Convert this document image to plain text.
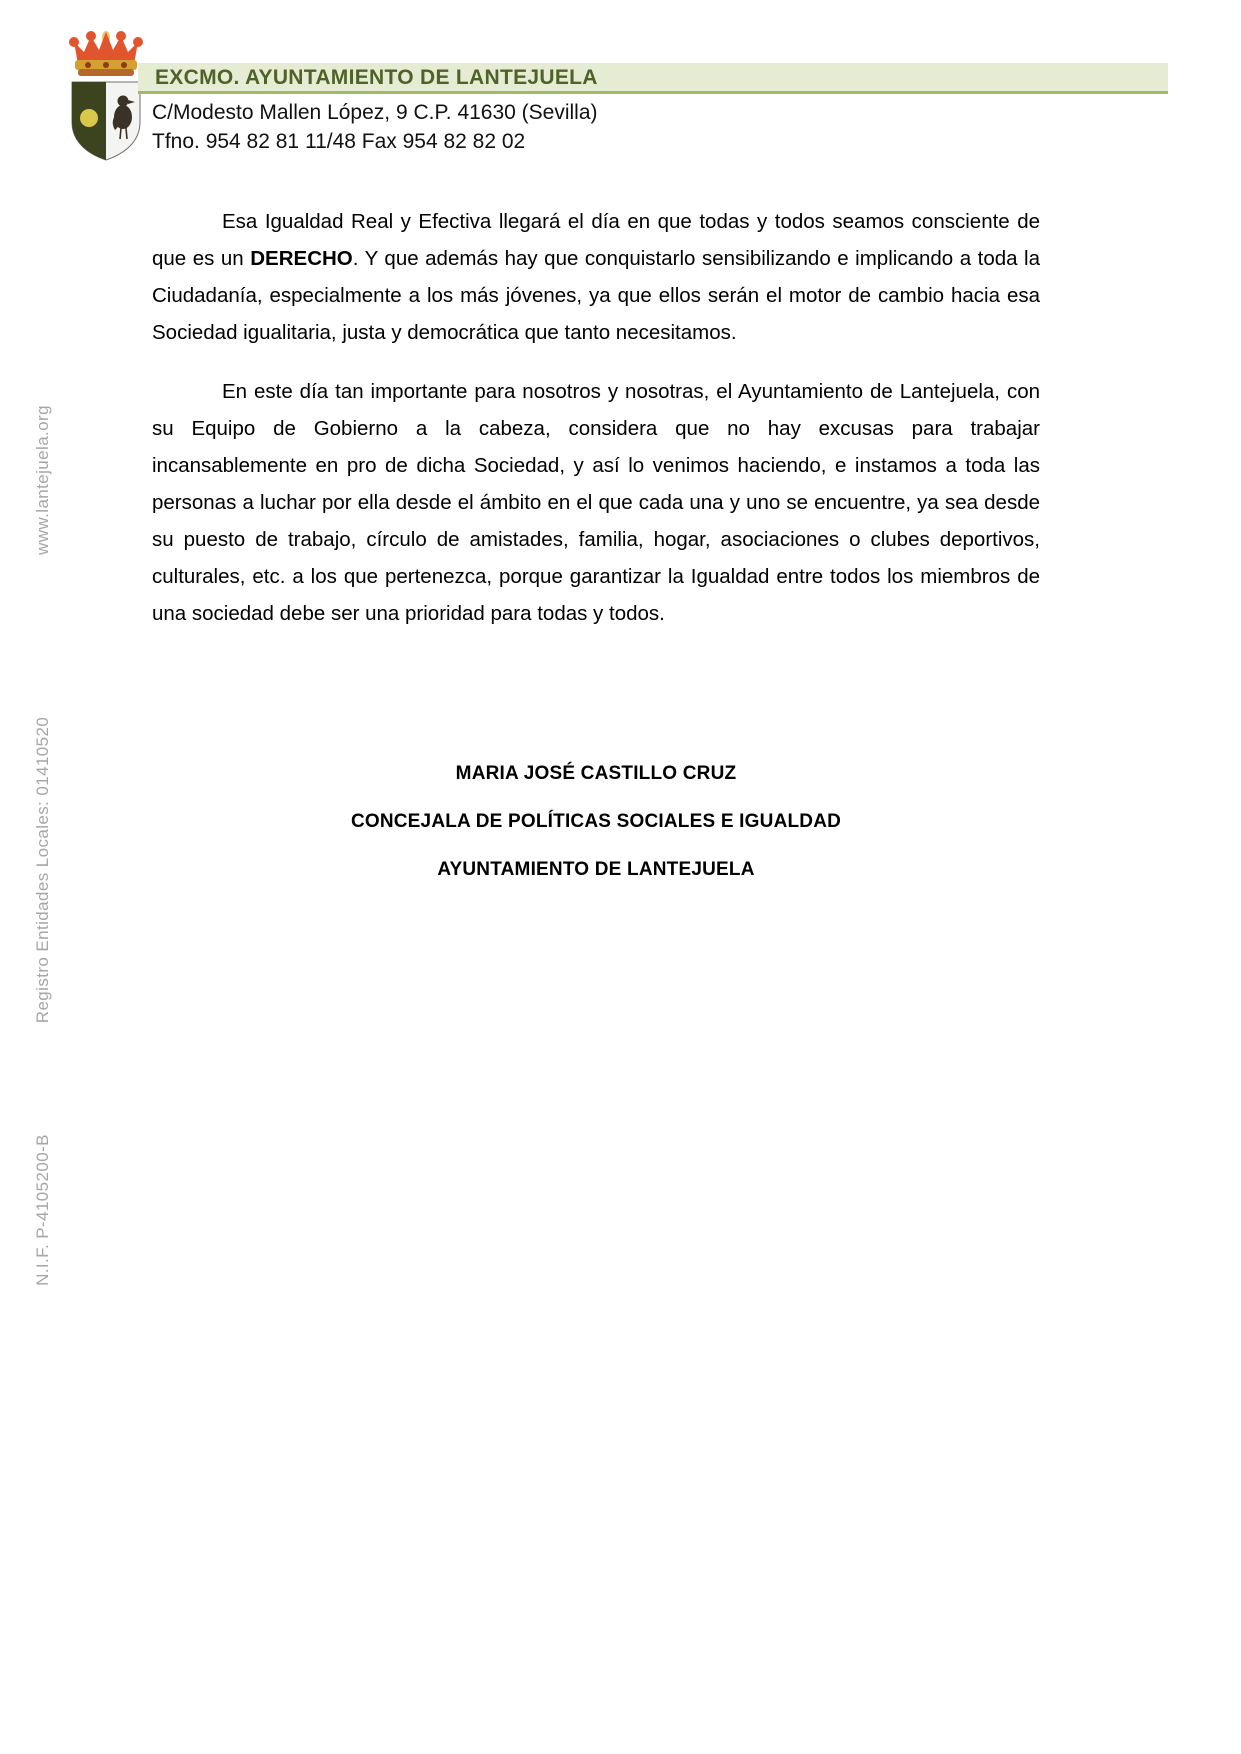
www.lantejuela.org
Registro Entidades Locales: 01410520
N.I.F. P-4105200-B
EXCMO. AYUNTAMIENTO DE LANTEJUELA
C/Modesto Mallen López, 9 C.P. 41630 (Sevilla)
Tfno. 954 82 81 11/48 Fax 954 82 82 02

Esa Igualdad Real y Efectiva llegará el día en que todas y todos seamos consciente de que es un DERECHO. Y que además hay que conquistarlo sensibilizando e implicando a toda la Ciudadanía, especialmente a los más jóvenes, ya que ellos serán el motor de cambio hacia esa Sociedad igualitaria, justa y democrática que tanto necesitamos.

En este día tan importante para nosotros y nosotras, el Ayuntamiento de Lantejuela, con su Equipo de Gobierno a la cabeza, considera que no hay excusas para trabajar incansablemente en pro de dicha Sociedad, y así lo venimos haciendo, e instamos a toda las personas a luchar por ella desde el ámbito en el que cada una y uno se encuentre, ya sea desde su puesto de trabajo, círculo de amistades, familia, hogar, asociaciones o clubes deportivos, culturales, etc. a los que pertenezca, porque garantizar la Igualdad entre todos los miembros de una sociedad debe ser una prioridad para todas y todos.

MARIA JOSÉ CASTILLO CRUZ
CONCEJALA DE POLÍTICAS SOCIALES E IGUALDAD
AYUNTAMIENTO DE LANTEJUELA
